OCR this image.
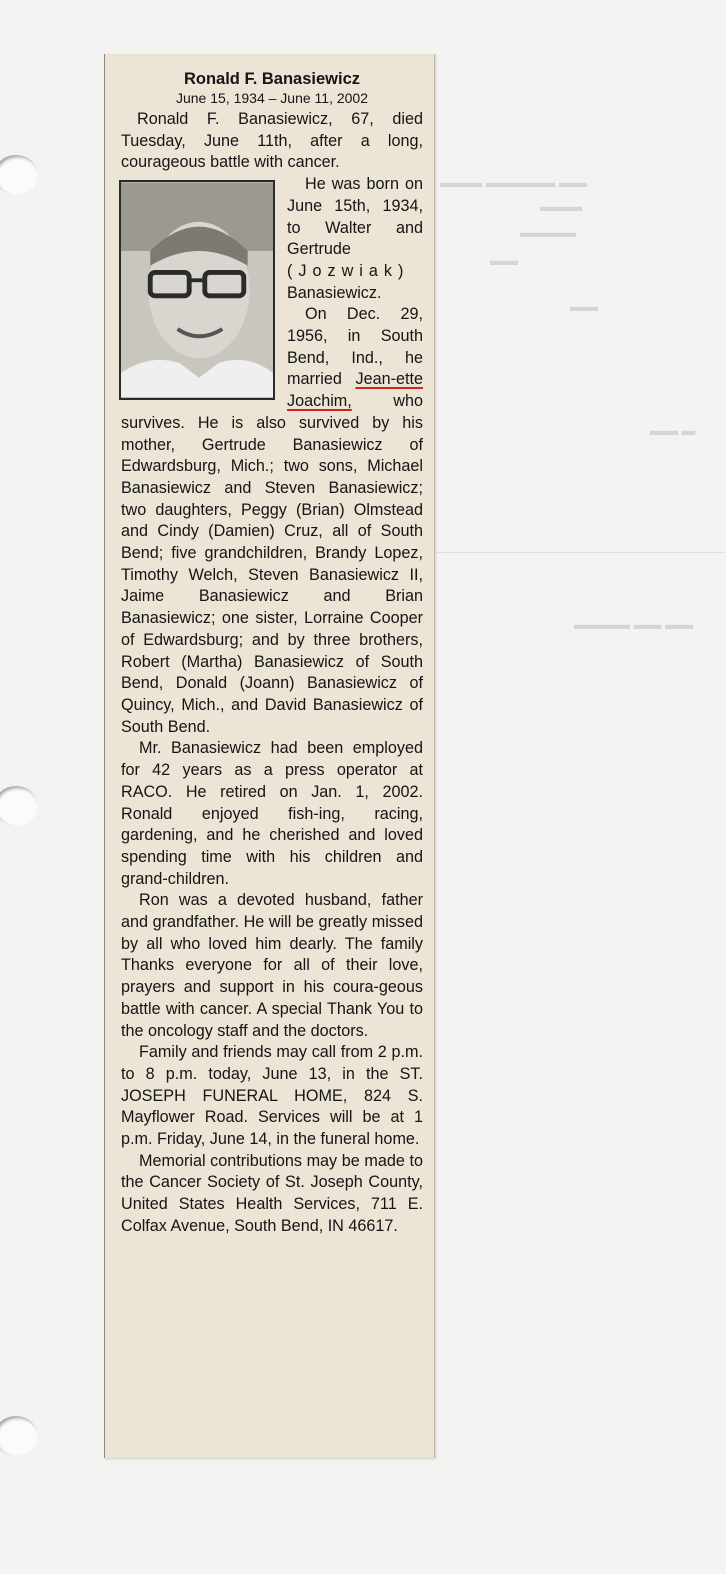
▬▬▬ ▬▬▬▬▬ ▬▬
▬▬▬
▬▬▬▬
▬▬
▬▬
▬▬ ▬
▬▬▬▬ ▬▬ ▬▬
Ronald F. Banasiewicz
June 15, 1934 – June 11, 2002

Ronald F. Banasiewicz, 67, died Tuesday, June 11th, after a long, courageous battle with cancer.

He was born on June 15th, 1934, to Walter and Gertrude (Jozwiak) Banasiewicz.

On Dec. 29, 1956, in South Bend, Ind., he married Jean-ette Joachim, who survives. He is also survived by his mother, Gertrude Banasiewicz of Edwardsburg, Mich.; two sons, Michael Banasiewicz and Steven Banasiewicz; two daughters, Peggy (Brian) Olmstead and Cindy (Damien) Cruz, all of South Bend; five grandchildren, Brandy Lopez, Timothy Welch, Steven Banasiewicz II, Jaime Banasiewicz and Brian Banasiewicz; one sister, Lorraine Cooper of Edwardsburg; and by three brothers, Robert (Martha) Banasiewicz of South Bend, Donald (Joann) Banasiewicz of Quincy, Mich., and David Banasiewicz of South Bend.

Mr. Banasiewicz had been employed for 42 years as a press operator at RACO. He retired on Jan. 1, 2002. Ronald enjoyed fish-ing, racing, gardening, and he cherished and loved spending time with his children and grand-children.

Ron was a devoted husband, father and grandfather. He will be greatly missed by all who loved him dearly. The family Thanks everyone for all of their love, prayers and support in his coura-geous battle with cancer. A special Thank You to the oncology staff and the doctors.

Family and friends may call from 2 p.m. to 8 p.m. today, June 13, in the ST. JOSEPH FUNERAL HOME, 824 S. Mayflower Road. Services will be at 1 p.m. Friday, June 14, in the funeral home.

Memorial contributions may be made to the Cancer Society of St. Joseph County, United States Health Services, 711 E. Colfax Avenue, South Bend, IN 46617.
